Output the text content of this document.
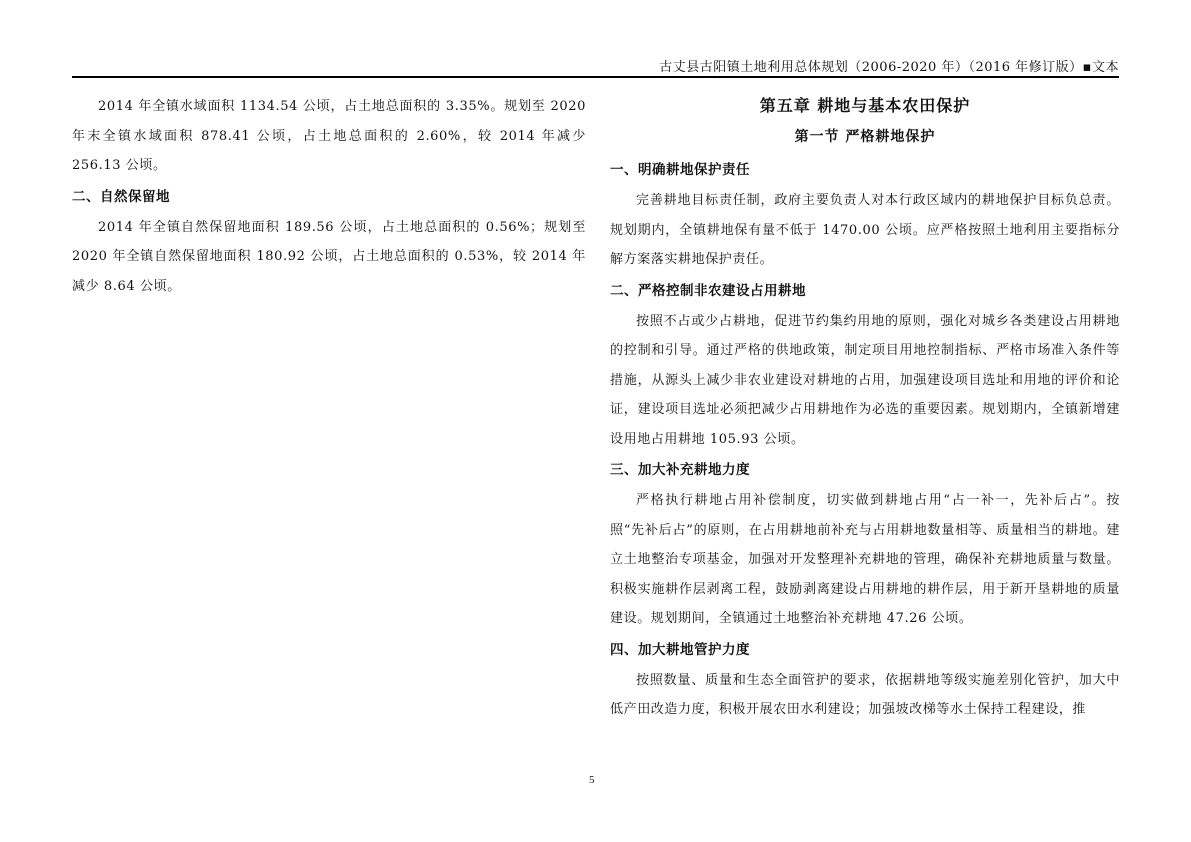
古丈县古阳镇土地利用总体规划（2006-2020 年）（2016 年修订版）▪文本

2014 年全镇水域面积 1134.54 公顷，占土地总面积的 3.35%。规划至 2020 年末全镇水域面积 878.41 公顷，占土地总面积的 2.60%，较 2014 年减少 256.13 公顷。

二、自然保留地

2014 年全镇自然保留地面积 189.56 公顷，占土地总面积的 0.56%；规划至 2020 年全镇自然保留地面积 180.92 公顷，占土地总面积的 0.53%，较 2014 年减少 8.64 公顷。

第五章 耕地与基本农田保护
第一节 严格耕地保护
一、明确耕地保护责任

完善耕地目标责任制，政府主要负责人对本行政区域内的耕地保护目标负总责。规划期内，全镇耕地保有量不低于 1470.00 公顷。应严格按照土地利用主要指标分解方案落实耕地保护责任。

二、严格控制非农建设占用耕地

按照不占或少占耕地，促进节约集约用地的原则，强化对城乡各类建设占用耕地的控制和引导。通过严格的供地政策，制定项目用地控制指标、严格市场准入条件等措施，从源头上减少非农业建设对耕地的占用，加强建设项目选址和用地的评价和论证，建设项目选址必须把减少占用耕地作为必选的重要因素。规划期内，全镇新增建设用地占用耕地 105.93 公顷。

三、加大补充耕地力度

严格执行耕地占用补偿制度，切实做到耕地占用“占一补一，先补后占”。按照“先补后占”的原则，在占用耕地前补充与占用耕地数量相等、质量相当的耕地。建立土地整治专项基金，加强对开发整理补充耕地的管理，确保补充耕地质量与数量。积极实施耕作层剥离工程，鼓励剥离建设占用耕地的耕作层，用于新开垦耕地的质量建设。规划期间，全镇通过土地整治补充耕地 47.26 公顷。

四、加大耕地管护力度

按照数量、质量和生态全面管护的要求，依据耕地等级实施差别化管护，加大中低产田改造力度，积极开展农田水利建设；加强坡改梯等水土保持工程建设，推

5
